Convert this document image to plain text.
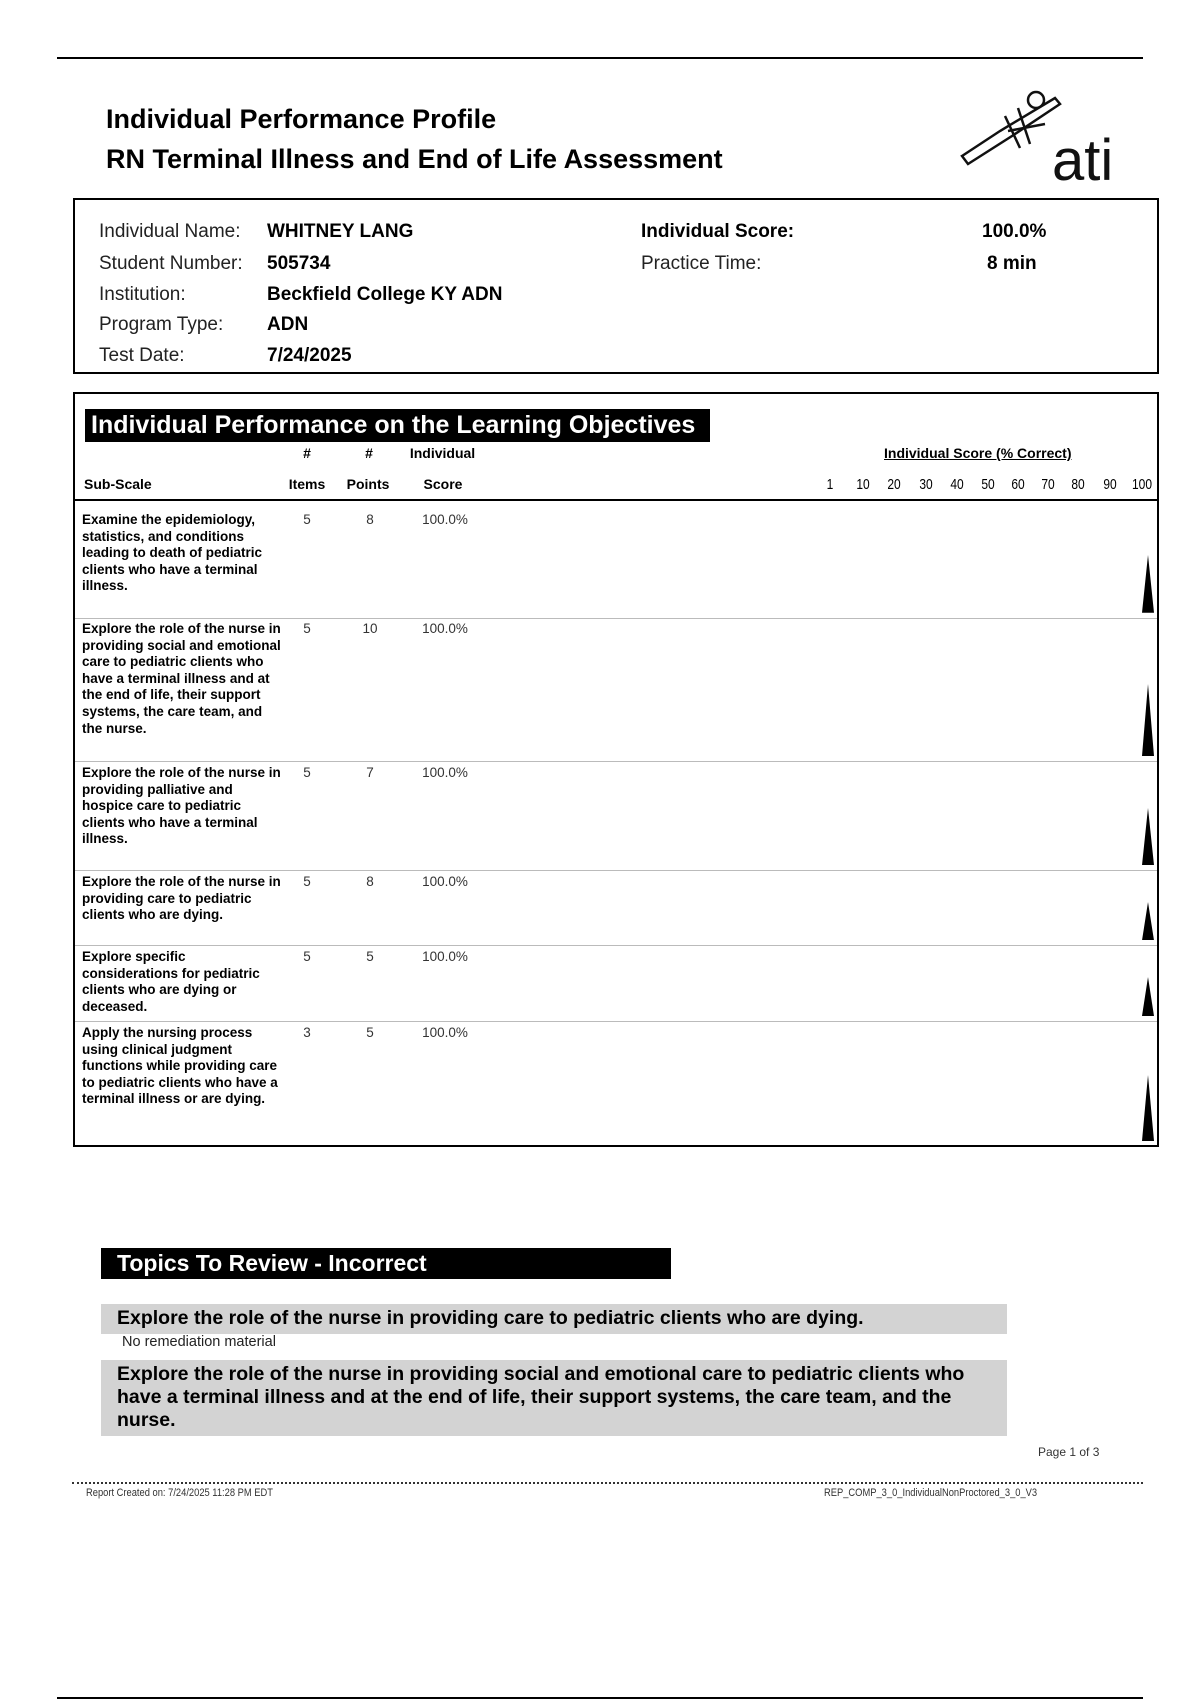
Individual Performance Profile
RN Terminal Illness and End of Life Assessment	ati
Individual Name: WHITNEY LANG
Student Number: 505734
Institution:	Beckfield College KY ADN
Program Type: ADN
Test Date:	7/24/2025
Individual Score:	100.0%
Practice Time:	8 min
Individual Performance on the Learning Objectives
#	#	Individual
Sub-Scale	Items	Points	Score
Individual Score (% Correct)
1	10	20	30	40	50	60	70	80	90	100
Examine the epidemiology, statistics, and conditions leading to death of pediatric clients who have a terminal illness.
5	8	100.0%
Explore the role of the nurse in providing social and emotional care to pediatric clients who have a terminal illness and at the end of life, their support systems, the care team, and the nurse.
5	10	100.0%
Explore the role of the nurse in providing palliative and hospice care to pediatric clients who have a terminal illness.
5	7	100.0%
Explore the role of the nurse in providing care to pediatric clients who are dying.
5	8	100.0%
Explore specific considerations for pediatric clients who are dying or deceased.
5	5	100.0%
Apply the nursing process using clinical judgment functions while providing care to pediatric clients who have a terminal illness or are dying.
3	5	100.0%
Topics To Review - Incorrect
Explore the role of the nurse in providing care to pediatric clients who are dying.
No remediation material
Explore the role of the nurse in providing social and emotional care to pediatric clients who have a terminal illness and at the end of life, their support systems, the care team, and the nurse.
Page 1 of 3
Report Created on: 7/24/2025 11:28 PM EDT	REP_COMP_3_0_IndividualNonProctored_3_0_V3
